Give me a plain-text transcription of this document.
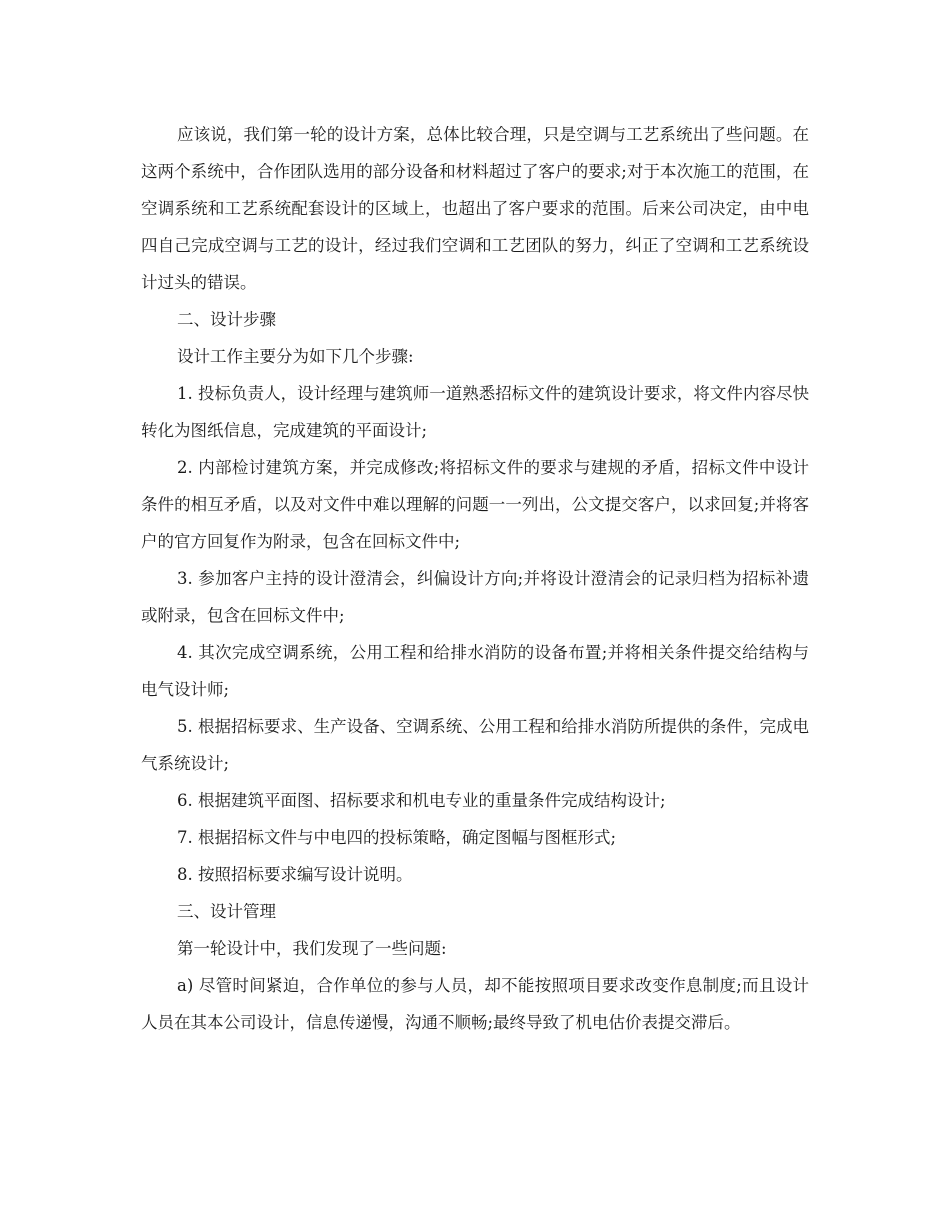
应该说，我们第一轮的设计方案，总体比较合理，只是空调与工艺系统出了些问题。在这两个系统中，合作团队选用的部分设备和材料超过了客户的要求;对于本次施工的范围，在空调系统和工艺系统配套设计的区域上，也超出了客户要求的范围。后来公司决定，由中电四自己完成空调与工艺的设计，经过我们空调和工艺团队的努力，纠正了空调和工艺系统设计过头的错误。

二、设计步骤

设计工作主要分为如下几个步骤:

1. 投标负责人，设计经理与建筑师一道熟悉招标文件的建筑设计要求，将文件内容尽快转化为图纸信息，完成建筑的平面设计;

2. 内部检讨建筑方案，并完成修改;将招标文件的要求与建规的矛盾，招标文件中设计条件的相互矛盾，以及对文件中难以理解的问题一一列出，公文提交客户，以求回复;并将客户的官方回复作为附录，包含在回标文件中;

3. 参加客户主持的设计澄清会，纠偏设计方向;并将设计澄清会的记录归档为招标补遗或附录，包含在回标文件中;

4. 其次完成空调系统，公用工程和给排水消防的设备布置;并将相关条件提交给结构与电气设计师;

5. 根据招标要求、生产设备、空调系统、公用工程和给排水消防所提供的条件，完成电气系统设计;

6. 根据建筑平面图、招标要求和机电专业的重量条件完成结构设计;

7. 根据招标文件与中电四的投标策略，确定图幅与图框形式;

8. 按照招标要求编写设计说明。

三、设计管理

第一轮设计中，我们发现了一些问题:

a) 尽管时间紧迫，合作单位的参与人员，却不能按照项目要求改变作息制度;而且设计人员在其本公司设计，信息传递慢，沟通不顺畅;最终导致了机电估价表提交滞后。
